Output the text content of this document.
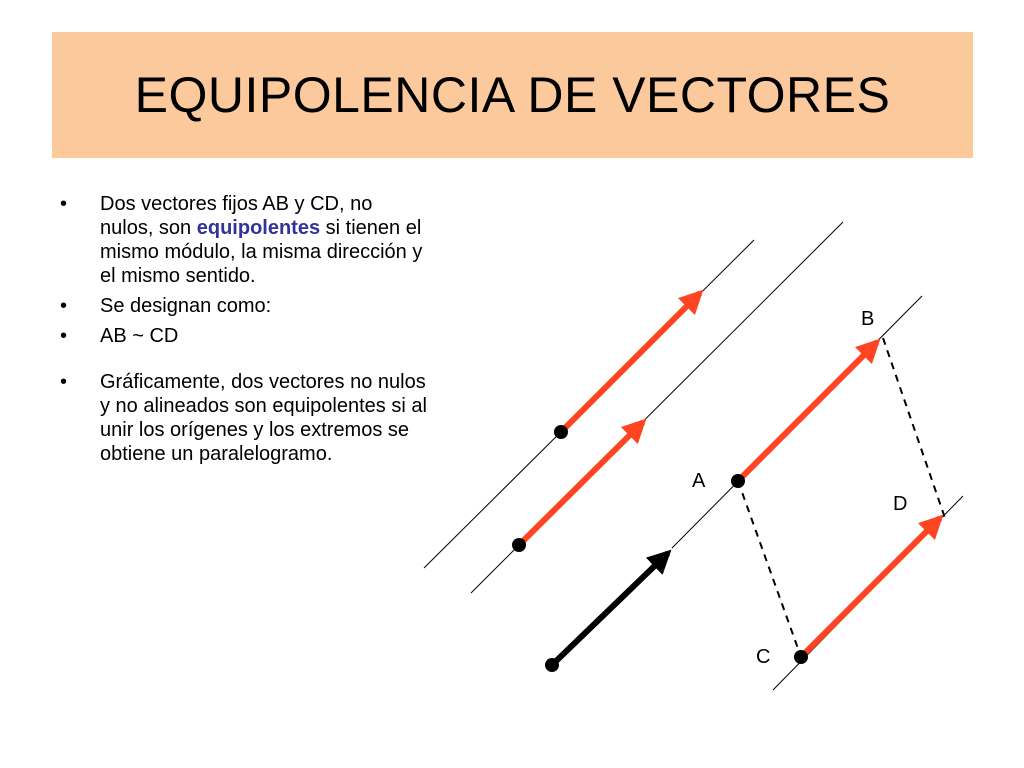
EQUIPOLENCIA DE VECTORES
•	Dos vectores fijos AB y CD, no nulos, son equipolentes si tienen el mismo módulo, la misma dirección y el mismo sentido.
•	Se designan como:
•	AB ~ CD
•	Gráficamente, dos vectores no nulos y no alineados son equipolentes si al unir los orígenes y los extremos se obtiene un paralelogramo.
A
B
C
D
